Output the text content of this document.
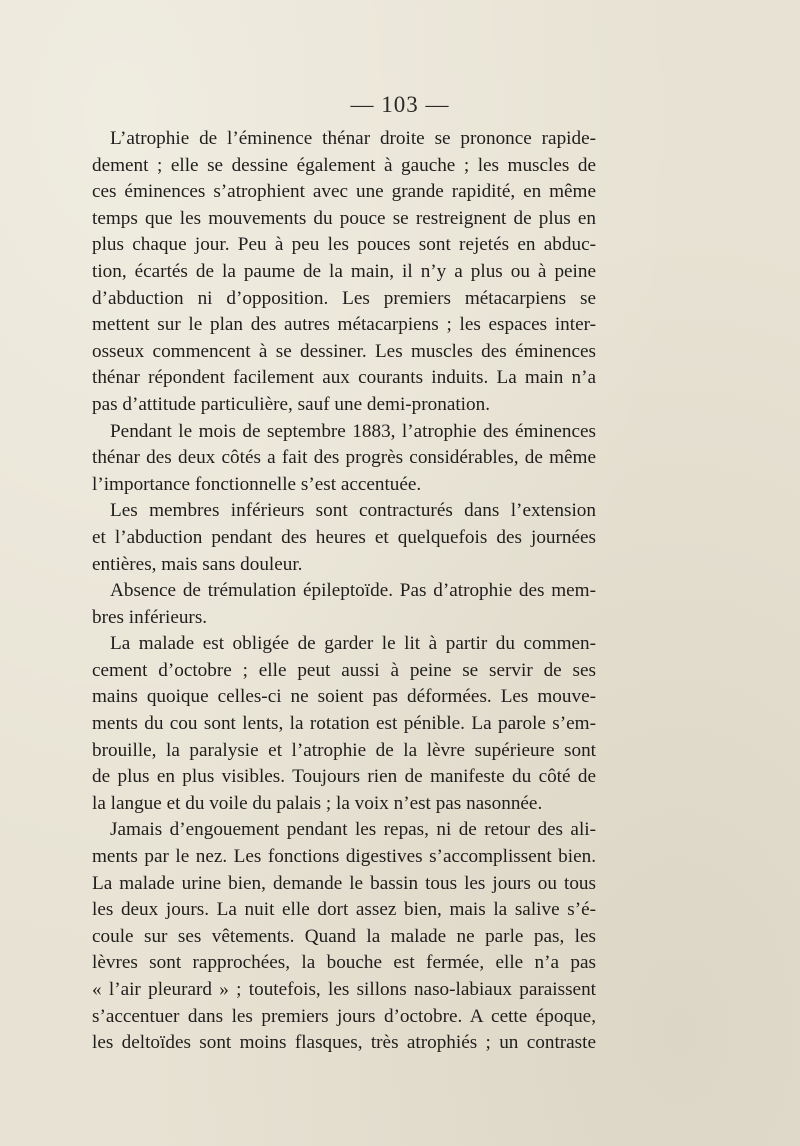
— 103 —
L’atrophie de l’éminence thénar droite se prononce rapide-
dement ; elle se dessine également à gauche ; les muscles de
ces éminences s’atrophient avec une grande rapidité, en même
temps que les mouvements du pouce se restreignent de plus en
plus chaque jour. Peu à peu les pouces sont rejetés en abduc-
tion, écartés de la paume de la main, il n’y a plus ou à peine
d’abduction ni d’opposition. Les premiers métacarpiens se
mettent sur le plan des autres métacarpiens ; les espaces inter-
osseux commencent à se dessiner. Les muscles des éminences
thénar répondent facilement aux courants induits. La main n’a
pas d’attitude particulière, sauf une demi-pronation.
Pendant le mois de septembre 1883, l’atrophie des éminences
thénar des deux côtés a fait des progrès considérables, de même
l’importance fonctionnelle s’est accentuée.
Les membres inférieurs sont contracturés dans l’extension
et l’abduction pendant des heures et quelquefois des journées
entières, mais sans douleur.
Absence de trémulation épileptoïde. Pas d’atrophie des mem-
bres inférieurs.
La malade est obligée de garder le lit à partir du commen-
cement d’octobre ; elle peut aussi à peine se servir de ses
mains quoique celles-ci ne soient pas déformées. Les mouve-
ments du cou sont lents, la rotation est pénible. La parole s’em-
brouille, la paralysie et l’atrophie de la lèvre supérieure sont
de plus en plus visibles. Toujours rien de manifeste du côté de
la langue et du voile du palais ; la voix n’est pas nasonnée.
Jamais d’engouement pendant les repas, ni de retour des ali-
ments par le nez. Les fonctions digestives s’accomplissent bien.
La malade urine bien, demande le bassin tous les jours ou tous
les deux jours. La nuit elle dort assez bien, mais la salive s’é-
coule sur ses vêtements. Quand la malade ne parle pas, les
lèvres sont rapprochées, la bouche est fermée, elle n’a pas
« l’air pleurard » ; toutefois, les sillons naso-labiaux paraissent
s’accentuer dans les premiers jours d’octobre. A cette époque,
les deltoïdes sont moins flasques, très atrophiés ; un contraste
